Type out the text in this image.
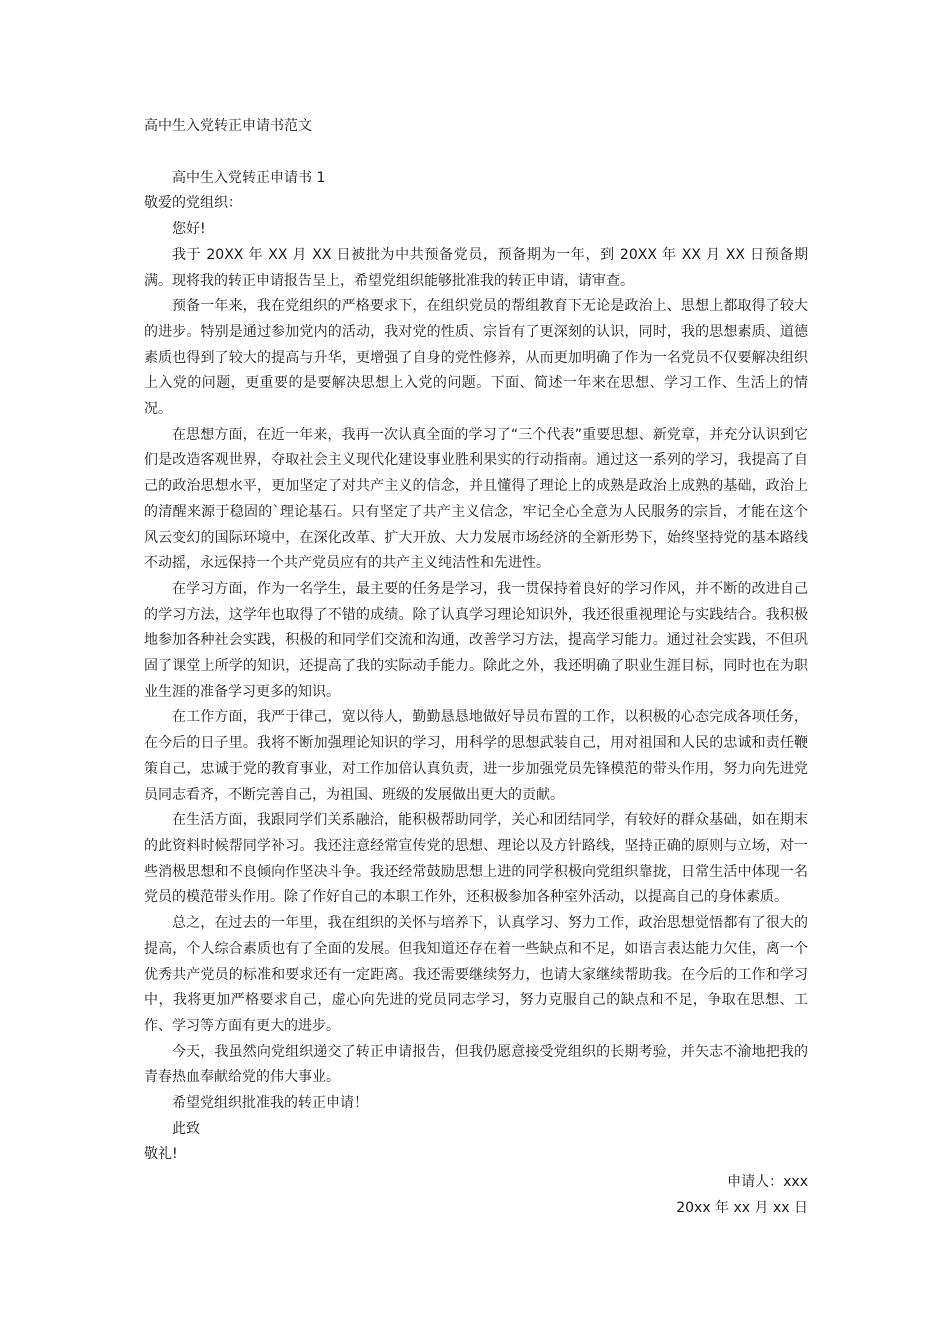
高中生入党转正申请书范文
高中生入党转正申请书 1
敬爱的党组织：

您好!

我于 20XX 年 XX 月 XX 日被批为中共预备党员，预备期为一年，到 20XX 年 XX 月 XX 日预备期满。现将我的转正申请报告呈上，希望党组织能够批准我的转正申请，请审查。

预备一年来，我在党组织的严格要求下，在组织党员的帮组教育下无论是政治上、思想上都取得了较大的进步。特别是通过参加党内的活动，我对党的性质、宗旨有了更深刻的认识，同时，我的思想素质、道德素质也得到了较大的提高与升华，更增强了自身的党性修养，从而更加明确了作为一名党员不仅要解决组织上入党的问题，更重要的是要解决思想上入党的问题。下面、简述一年来在思想、学习工作、生活上的情况。

在思想方面，在近一年来，我再一次认真全面的学习了“三个代表”重要思想、新党章，并充分认识到它们是改造客观世界，夺取社会主义现代化建设事业胜利果实的行动指南。通过这一系列的学习，我提高了自己的政治思想水平，更加坚定了对共产主义的信念，并且懂得了理论上的成熟是政治上成熟的基础，政治上的清醒来源于稳固的`理论基石。只有坚定了共产主义信念，牢记全心全意为人民服务的宗旨，才能在这个风云变幻的国际环境中，在深化改革、扩大开放、大力发展市场经济的全新形势下，始终坚持党的基本路线不动摇，永远保持一个共产党员应有的共产主义纯洁性和先进性。

在学习方面，作为一名学生，最主要的任务是学习，我一贯保持着良好的学习作风，并不断的改进自己的学习方法，这学年也取得了不错的成绩。除了认真学习理论知识外，我还很重视理论与实践结合。我积极地参加各种社会实践，积极的和同学们交流和沟通，改善学习方法，提高学习能力。通过社会实践，不但巩固了课堂上所学的知识，还提高了我的实际动手能力。除此之外，我还明确了职业生涯目标，同时也在为职业生涯的准备学习更多的知识。

在工作方面，我严于律己，宽以待人，勤勤恳恳地做好导员布置的工作，以积极的心态完成各项任务，在今后的日子里。我将不断加强理论知识的学习，用科学的思想武装自己，用对祖国和人民的忠诚和责任鞭策自己，忠诚于党的教育事业，对工作加倍认真负责，进一步加强党员先锋模范的带头作用，努力向先进党员同志看齐，不断完善自己，为祖国、班级的发展做出更大的贡献。

在生活方面，我跟同学们关系融洽，能积极帮助同学，关心和团结同学，有较好的群众基础，如在期末的此资料时候帮同学补习。我还注意经常宣传党的思想、理论以及方针路线，坚持正确的原则与立场，对一些消极思想和不良倾向作坚决斗争。我还经常鼓励思想上进的同学积极向党组织靠拢，日常生活中体现一名党员的模范带头作用。除了作好自己的本职工作外，还积极参加各种室外活动，以提高自己的身体素质。

总之，在过去的一年里，我在组织的关怀与培养下，认真学习、努力工作，政治思想觉悟都有了很大的提高，个人综合素质也有了全面的发展。但我知道还存在着一些缺点和不足，如语言表达能力欠佳，离一个优秀共产党员的标准和要求还有一定距离。我还需要继续努力，也请大家继续帮助我。在今后的工作和学习中，我将更加严格要求自己，虚心向先进的党员同志学习，努力克服自己的缺点和不足，争取在思想、工作、学习等方面有更大的进步。

今天，我虽然向党组织递交了转正申请报告，但我仍愿意接受党组织的长期考验，并矢志不渝地把我的青春热血奉献给党的伟大事业。

希望党组织批准我的转正申请！

此致

敬礼!

申请人：xxx
20xx 年 xx 月 xx 日
